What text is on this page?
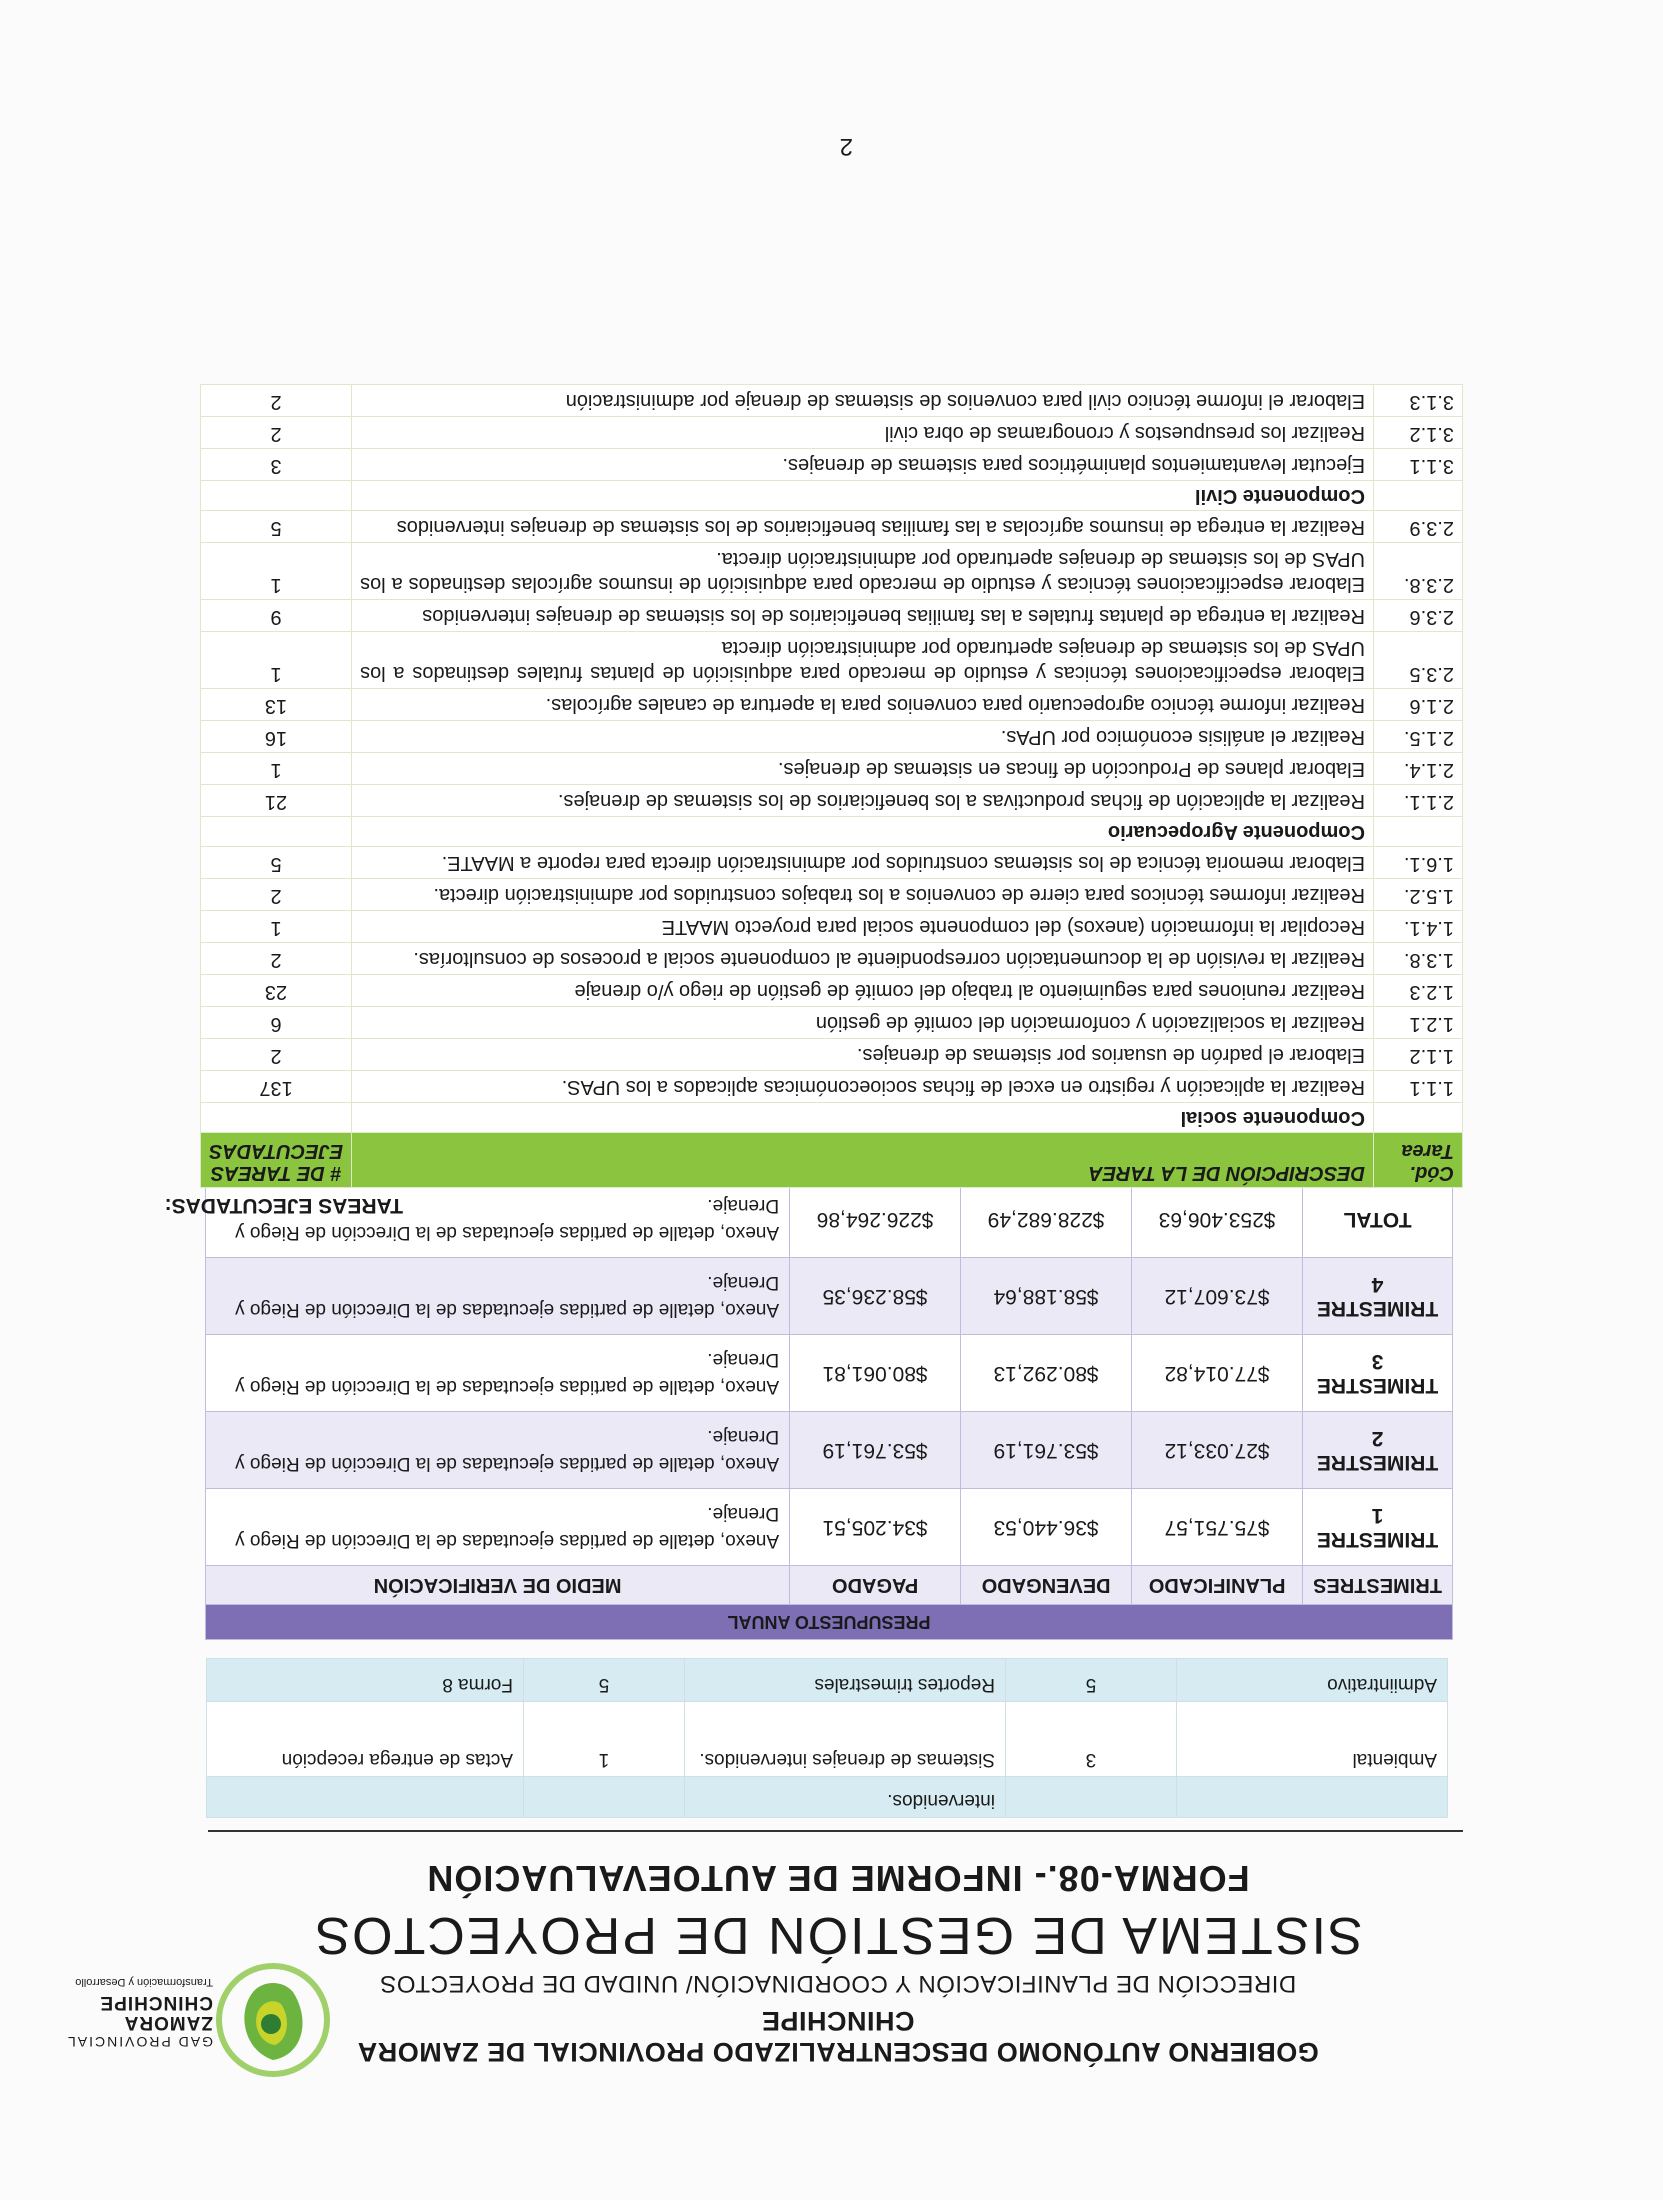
GAD PROVINCIAL
ZAMORA CHINCHIPE
Transformación y Desarrollo
GOBIERNO AUTÓNOMO DESCENTRALIZADO PROVINCIAL DE ZAMORA CHINCHIPE
DIRECCIÓN DE PLANIFICACIÓN Y COORDINACIÓN/ UNIDAD DE PROYECTOS
SISTEMA DE GESTIÓN DE PROYECTOS
FORMA-08.- INFORME DE AUTOEVALUACIÓN
		intervenidos.		
Ambiental	3	Sistemas de drenajes intervenidos.	1	Actas de entrega recepción
Admiintrativo	5	Reportes trimestrales	5	Forma 8
PRESUPUESTO ANUAL				
TRIMESTRES	PLANIFICADO	DEVENGADO	PAGADO	MEDIO DE VERIFICACIÓN
TRIMESTRE 1	$75.751,57	$36.440,53	$34.205,51	Anexo, detalle de partidas ejecutadas de la Dirección de Riego y Drenaje.
TRIMESTRE 2	$27.033,12	$53.761,19	$53.761,19	Anexo, detalle de partidas ejecutadas de la Dirección de Riego y Drenaje.
TRIMESTRE 3	$77.014,82	$80.292,13	$80.061,81	Anexo, detalle de partidas ejecutadas de la Dirección de Riego y Drenaje.
TRIMESTRE 4	$73.607,12	$58.188,64	$58.236,35	Anexo, detalle de partidas ejecutadas de la Dirección de Riego y Drenaje.
TOTAL	$253.406,63	$228.682,49	$226.264,86	Anexo, detalle de partidas ejecutadas de la Dirección de Riego y Drenaje.
TAREAS EJECUTADAS:
Cód. Tarea	DESCRIPCIÓN DE LA TAREA	# DE TAREAS EJECUTADAS
	Componente social	
1.1.1	Realizar la aplicación y registro en excel de fichas socioeconómicas aplicados a los UPAS.	137
1.1.2	Elaborar el padrón de usuarios por sistemas de drenajes.	2
1.2.1	Realizar la socialización y conformación del comité de gestión	6
1.2.3	Realizar reuniones para seguimiento al trabajo del comité de gestión de riego y/o drenaje	23
1.3.8.	Realizar la revisión de la documentación correspondiente al componente social a procesos de consultorías.	2
1.4.1.	Recopilar la información (anexos) del componente social para proyecto MAATE	1
1.5.2.	Realizar informes técnicos para cierre de convenios a los trabajos construidos por administración directa.	2
1.6.1.	Elaborar memoria técnica de los sistemas construidos por administración directa para reporte a MAATE.	5
	Componente Agropecuario	
2.1.1.	Realizar la aplicación de fichas productivas a los beneficiarios de los sistemas de drenajes.	21
2.1.4.	Elaborar planes de Producción de fincas en sistemas de drenajes.	1
2.1.5.	Realizar el análisis económico por UPAs.	16
2.1.6	Realizar informe técnico agropecuario para convenios para la apertura de canales agrícolas.	13
2.3.5	Elaborar especificaciones técnicas y estudio de mercado para adquisición de plantas frutales destinados a los UPAS de los sistemas de drenajes aperturado por administración directa	1
2.3.6	Realizar la entrega de plantas frutales a las familias beneficiarios de los sistemas de drenajes intervenidos	9
2.3.8.	Elaborar especificaciones técnicas y estudio de mercado para adquisición de insumos agrícolas destinados a los UPAS de los sistemas de drenajes aperturado por administración directa.	1
2.3.9	Realizar la entrega de insumos agrícolas a las familias beneficiarios de los sistemas de drenajes intervenidos	5
	Componente Civil	
3.1.1	Ejecutar levantamientos planimétricos para sistemas de drenajes.	3
3.1.2	Realizar los presupuestos y cronogramas de obra civil	2
3.1.3	Elaborar el informe técnico civil para convenios de sistemas de drenaje por administración	2
2
